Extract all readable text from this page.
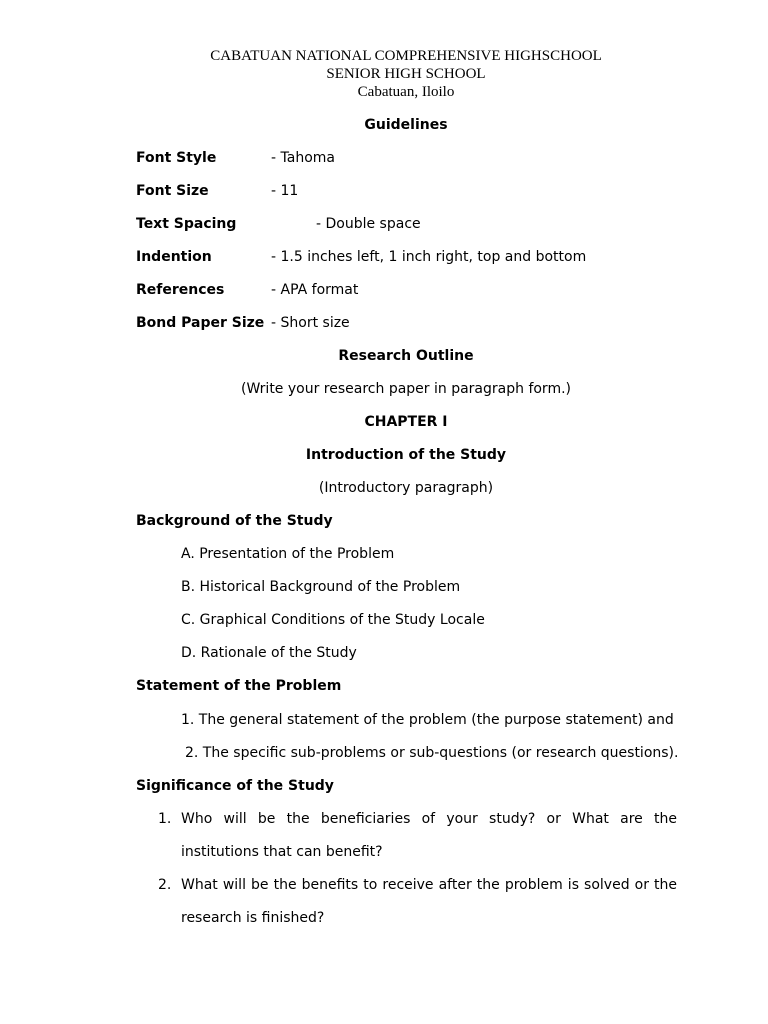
CABATUAN NATIONAL COMPREHENSIVE HIGHSCHOOL
SENIOR HIGH SCHOOL
Cabatuan, Iloilo
Guidelines
Font Style	- Tahoma
Font Size	- 11
Text Spacing	- Double space
Indention	- 1.5 inches left, 1 inch right, top and bottom
References	- APA format
Bond Paper Size - Short size
Research Outline
(Write your research paper in paragraph form.)
CHAPTER I
Introduction of the Study
(Introductory paragraph)
Background of the Study
A. Presentation of the Problem
B. Historical Background of the Problem
C. Graphical Conditions of the Study Locale
D. Rationale of the Study
Statement of the Problem
1. The general statement of the problem (the purpose statement) and
2. The specific sub-problems or sub-questions (or research questions).
Significance of the Study
1. Who will be the beneficiaries of your study? or What are the
institutions that can benefit?
2. What will be the benefits to receive after the problem is solved or the
research is finished?
